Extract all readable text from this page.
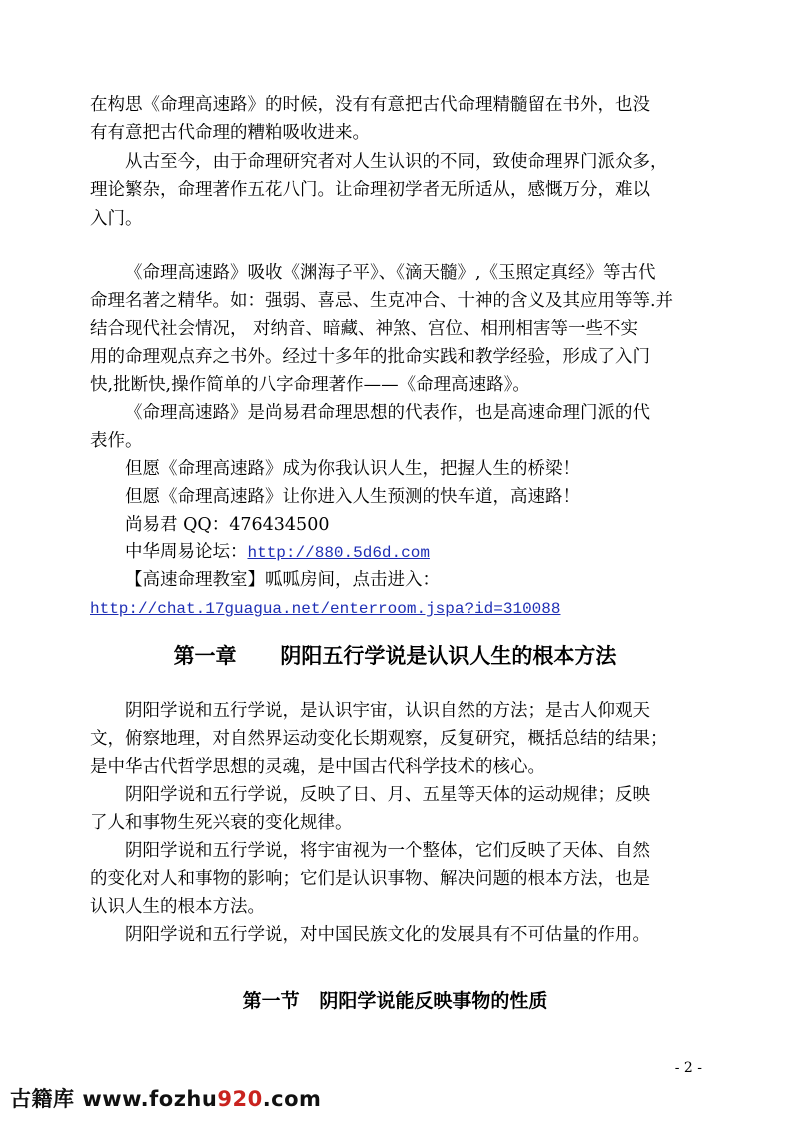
在构思《命理高速路》的时候，没有有意把古代命理精髓留在书外，也没
有有意把古代命理的糟粕吸收进来。
从古至今，由于命理研究者对人生认识的不同，致使命理界门派众多，
理论繁杂，命理著作五花八门。让命理初学者无所适从，感慨万分，难以
入门。
《命理高速路》吸收《渊海子平》、《滴天髓》,《玉照定真经》等古代
命理名著之精华。如：强弱、喜忌、生克冲合、十神的含义及其应用等等.并
结合现代社会情况， 对纳音、暗藏、神煞、宫位、相刑相害等一些不实
用的命理观点弃之书外。经过十多年的批命实践和教学经验，形成了入门
快,批断快,操作简单的八字命理著作——《命理高速路》。
《命理高速路》是尚易君命理思想的代表作，也是高速命理门派的代
表作。
但愿《命理高速路》成为你我认识人生，把握人生的桥梁！
但愿《命理高速路》让你进入人生预测的快车道，高速路！
尚易君 QQ：476434500
中华周易论坛：http://880.5d6d.com
【高速命理教室】呱呱房间，点击进入：
http://chat.17guagua.net/enterroom.jspa?id=310088
第一章      阴阳五行学说是认识人生的根本方法
阴阳学说和五行学说，是认识宇宙，认识自然的方法；是古人仰观天
文，俯察地理，对自然界运动变化长期观察，反复研究，概括总结的结果；
是中华古代哲学思想的灵魂，是中国古代科学技术的核心。
阴阳学说和五行学说，反映了日、月、五星等天体的运动规律；反映
了人和事物生死兴衰的变化规律。
阴阳学说和五行学说，将宇宙视为一个整体，它们反映了天体、自然
的变化对人和事物的影响；它们是认识事物、解决问题的根本方法，也是
认识人生的根本方法。
阴阳学说和五行学说，对中国民族文化的发展具有不可估量的作用。
第一节   阴阳学说能反映事物的性质
- 2 -
古籍库 www.fozhu920.com
